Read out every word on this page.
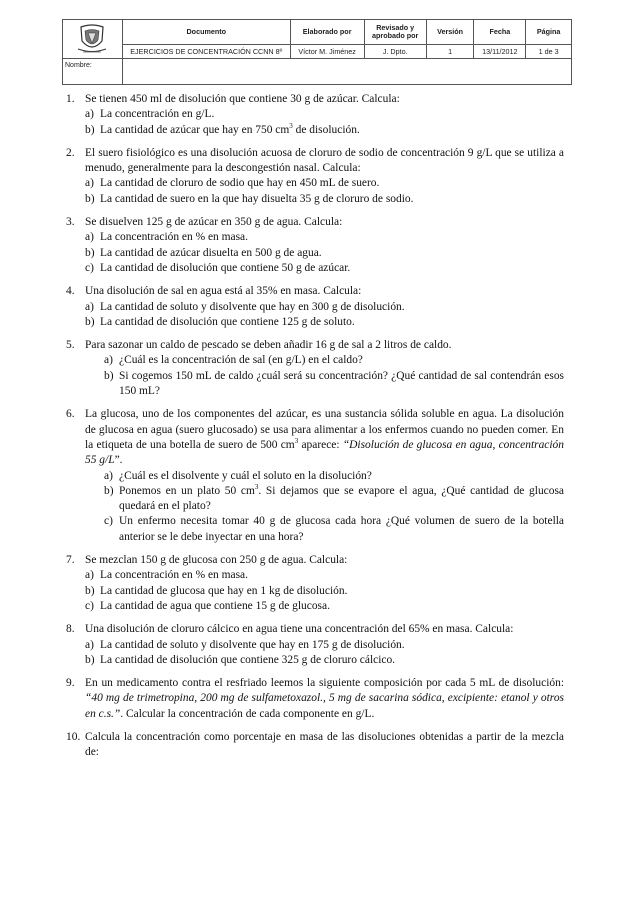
	Documento	Elaborado por	Revisado y aprobado por	Versión	Fecha	Página
	EJERCICIOS DE CONCENTRACIÓN CCNN 8º	Víctor M. Jiménez	J. Dpto.	1	13/11/2012	1 de 3
Nombre:						
1. Se tienen 450 ml de disolución que contiene 30 g de azúcar. Calcula:
a) La concentración en g/L.
b) La cantidad de azúcar que hay en 750 $cm^3$ de disolución.
2. El suero fisiológico es una disolución acuosa de cloruro de sodio de concentración 9 g/L que se utiliza a menudo, generalmente para la descongestión nasal. Calcula:
a) La cantidad de cloruro de sodio que hay en 450 mL de suero.
b) La cantidad de suero en la que hay disuelta 35 g de cloruro de sodio.
3. Se disuelven 125 g de azúcar en 350 g de agua. Calcula:
a) La concentración en % en masa.
b) La cantidad de azúcar disuelta en 500 g de agua.
c) La cantidad de disolución que contiene 50 g de azúcar.
4. Una disolución de sal en agua está al 35% en masa. Calcula:
a) La cantidad de soluto y disolvente que hay en 300 g de disolución.
b) La cantidad de disolución que contiene 125 g de soluto.
5. Para sazonar un caldo de pescado se deben añadir 16 g de sal a 2 litros de caldo.
a) ¿Cuál es la concentración de sal (en g/L) en el caldo?
b) Si cogemos 150 mL de caldo ¿cuál será su concentración? ¿Qué cantidad de sal contendrán esos 150 mL?
6. La glucosa, uno de los componentes del azúcar, es una sustancia sólida soluble en agua. La disolución de glucosa en agua (suero glucosado) se usa para alimentar a los enfermos cuando no pueden comer. En la etiqueta de una botella de suero de 500 $cm^3$ aparece: “Disolución de glucosa en agua, concentración 55 g/L”.
a) ¿Cuál es el disolvente y cuál el soluto en la disolución?
b) Ponemos en un plato 50 $cm^3$. Si dejamos que se evapore el agua, ¿Qué cantidad de glucosa quedará en el plato?
c) Un enfermo necesita tomar 40 g de glucosa cada hora ¿Qué volumen de suero de la botella anterior se le debe inyectar en una hora?
7. Se mezclan 150 g de glucosa con 250 g de agua. Calcula:
a) La concentración en % en masa.
b) La cantidad de glucosa que hay en 1 kg de disolución.
c) La cantidad de agua que contiene 15 g de glucosa.
8. Una disolución de cloruro cálcico en agua tiene una concentración del 65% en masa. Calcula:
a) La cantidad de soluto y disolvente que hay en 175 g de disolución.
b) La cantidad de disolución que contiene 325 g de cloruro cálcico.
9. En un medicamento contra el resfriado leemos la siguiente composición por cada 5 mL de disolución: “40 mg de trimetropina, 200 mg de sulfametoxazol., 5 mg de sacarina sódica, excipiente: etanol y otros en c.s.”. Calcular la concentración de cada componente en g/L.
10. Calcula la concentración como porcentaje en masa de las disoluciones obtenidas a partir de la mezcla de:
